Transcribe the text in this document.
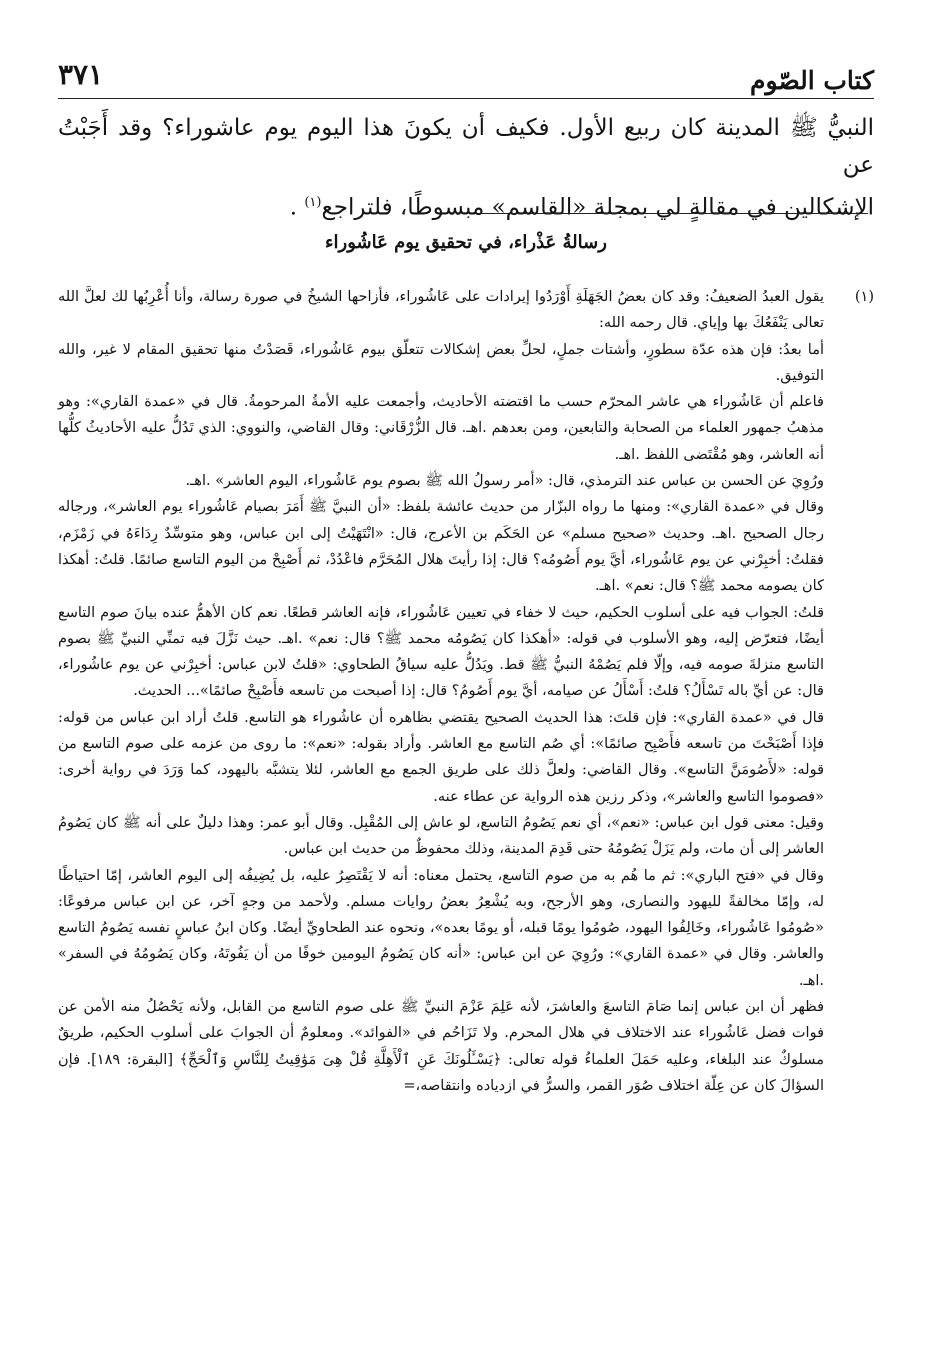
٣٧١	كتاب الصّوم

النبيُّ ﷺ المدينة كان ربيع الأول. فكيف أن يكونَ هذا اليوم يوم عاشوراء؟ وقد أَجَبْتُ عن

الإشكالين في مقالةٍ لي بمجلة «القاسم» مبسوطًا، فلتراجع$^{(١)}$ .

رسالةُ عَذْراء، في تحقيق يوم عَاشُوراء
(١)

يقول العبدُ الضعيفُ: وقد كان بعضُ الجَهَلَةِ أَوْرَدُوا إيرادات على عَاشُوراء، فأزاحها الشيخُ في صورة رسالة، وأنا أُعْرِبُها لك لعلَّ الله تعالى يَنْفَعُكَ بها وإياي. قال رحمه الله:

أما بعدُ: فإن هذه عدّة سطورٍ، وأشتات جملٍ، لحلِّ بعض إشكالات تتعلّق بيوم عَاشُوراء، قَصَدْتُ منها تحقيق المقام لا غير، والله التوفيق.

فاعلم أن عَاشُوراء هي عاشر المحرّم حسب ما اقتضته الأحاديث، وأجمعت عليه الأمةُ المرحومةُ. قال في «عمدة القاري»: وهو مذهبُ جمهور العلماء من الصحابة والتابعين، ومن بعدهم .اهـ. قال الزُّرْقَاني: وقال القاضي، والنووي: الذي تَدُلُّ عليه الأحاديثُ كلُّها أنه العاشر، وهو مُقْتَضى اللفظ .اهـ.

ورُوِيَ عن الحسن بن عباس عند الترمذي، قال: «أمر رسولُ الله ﷺ بصوم يوم عَاشُوراء، اليوم العاشر» .اهـ.

وقال في «عمدة القاري»: ومنها ما رواه البزّار من حديث عائشة بلفظ: «أن النبيَّ ﷺ أَمَرَ بصيام عَاشُوراء يوم العاشر»، ورجاله رجال الصحيح .اهـ. وحديث «صحيح مسلم» عن الحَكَم بن الأعرج، قال: «انْتَهَيْتُ إلى ابن عباس، وهو متوسِّدٌ رِدَاءَهُ في زَمْزَم، فقلتُ: أخبِرْني عن يوم عَاشُوراء، أيَّ يوم أَصُومُه؟ قال: إذا رأيتَ هلال المُحَرَّم فاعْدُدْ، ثم أَصْبِحْ من اليوم التاسع صائمًا. قلتُ: أهكذا كان يصومه محمد ﷺ؟ قال: نعم» .اهـ.

قلتُ: الجواب فيه على أسلوب الحكيم، حيث لا خفاء في تعيين عَاشُوراء، فإنه العاشر قطعًا. نعم كان الأهمُّ عنده بيانَ صوم التاسع أيضًا، فتعرّض إليه، وهو الأسلوب في قوله: «أهكذا كان يَصُومُه محمد ﷺ؟ قال: نعم» .اهـ. حيث نَزَّلَ فيه تمنِّي النبيِّ ﷺ بصوم التاسع منزلةَ صومه فيه، وإلّا فلم يَصُمْهُ النبيُّ ﷺ قط. ويَدُلُّ عليه سياقُ الطحاوي: «قلتُ لابن عباس: أخبِرْني عن يوم عاشُوراء، قال: عن أيِّ باله تَسْأَلُ؟ قلتُ: أَسْأَلُ عن صيامه، أيَّ يوم أَصُومُ؟ قال: إذا أصبحت من تاسعه فأَصْبِحْ صائمًا»... الحديث.

قال في «عمدة القاري»: فإن قلتَ: هذا الحديث الصحيح يقتضي بظاهره أن عاشُوراء هو التاسع. قلتُ أراد ابن عباس من قوله: فإذا أَصْبَحْتَ من تاسعه فأَصْبِح صائمًا»: أي صُم التاسع مع العاشر. وأراد بقوله: «نعم»: ما روى من عزمه على صوم التاسع من قوله: «لأَصُومَنَّ التاسع». وقال القاضي: ولعلَّ ذلك على طريق الجمع مع العاشر، لئلا يتشبَّه باليهود، كما وَرَدَ في رواية أخرى: «فصوموا التاسع والعاشر»، وذكر رزين هذه الرواية عن عطاء عنه.

وقيل: معنى قول ابن عباس: «نعم»، أي نعم يَصُومُ التاسع، لو عاش إلى المُقْبِل. وقال أبو عمر: وهذا دليلٌ على أنه ﷺ كان يَصُومُ العاشر إلى أن مات، ولم يَزَلْ يَصُومُهُ حتى قَدِمَ المدينة، وذلك محفوظٌ من حديث ابن عباس.

وقال في «فتح الباري»: ثم ما هُم به من صوم التاسع، يحتمل معناه: أنه لا يَقْتَصِرُ عليه، بل يُضِيفُه إلى اليوم العاشر، إمّا احتياطًا له، وإمّا مخالفةً لليهود والنصارى، وهو الأرجح، وبه يُشْعِرُ بعضُ روايات مسلم. ولأحمد من وجهٍ آخر، عن ابن عباس مرفوعًا: «صُومُوا عَاشُوراء، وخَالِفُوا اليهود، صُومُوا يومًا قبله، أو يومًا بعده»، ونحوه عند الطحاويِّ أيضًا. وكان ابنُ عباسٍ نفسه يَصُومُ التاسع والعاشر. وقال في «عمدة القاري»: ورُوِيَ عن ابن عباس: «أنه كان يَصُومُ اليومين خوفًا من أن يَفُوتَهُ، وكان يَصُومُهُ في السفر» .اهـ.

فظهر أن ابن عباس إنما صَامَ التاسعَ والعاشرَ، لأنه عَلِمَ عَزْمَ النبيِّ ﷺ على صوم التاسع من القابل، ولأنه يَحْصُلُ منه الأمن عن فوات فضل عَاشُوراء عند الاختلاف في هلال المحرم. ولا تَزَاحُم في «الفوائد». ومعلومٌ أن الجوابَ على أسلوب الحكيم، طريقٌ مسلوكٌ عند البلغاء، وعليه حَمَلَ العلماءُ قوله تعالى: ﴿يَسْـَٔلُونَكَ عَنِ ٱلْأَهِلَّةِ قُلْ هِىَ مَوَٰقِيتُ لِلنَّاسِ وَٱلْحَجِّ﴾ [البقرة: ١٨٩]. فإن السؤالَ كان عن عِلّة اختلاف صُوَر القمر، والسرُّ في ازدياده وانتقاصه،=
